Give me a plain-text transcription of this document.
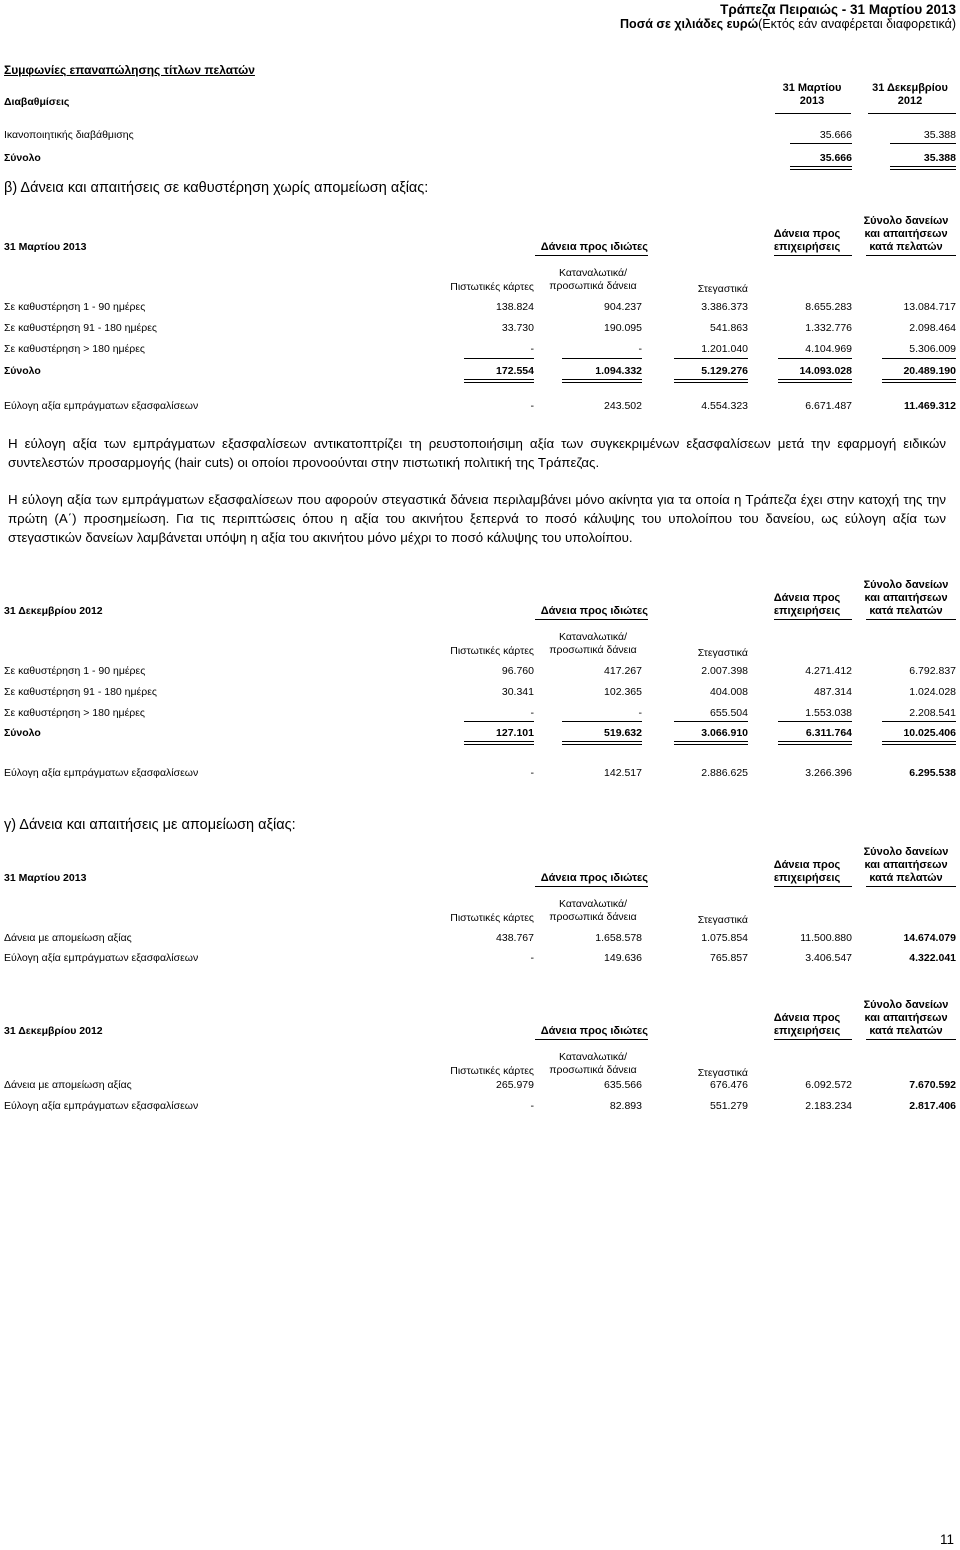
Τράπεζα Πειραιώς - 31 Μαρτίου 2013
Ποσά σε χιλιάδες ευρώ(Εκτός εάν αναφέρεται διαφορετικά)
Συμφωνίες επαναπώλησης τίτλων πελατών
Διαβαθμίσεις
31 Μαρτίου
2013
31 Δεκεμβρίου
2012
Ικανοποιητικής διαβάθμισης	35.666	35.388
Σύνολο	35.666	35.388
β) Δάνεια και απαιτήσεις σε καθυστέρηση χωρίς απομείωση αξίας:
31 Μαρτίου 2013	Δάνεια προς ιδιώτες
Δάνεια προς
επιχειρήσεις
Σύνολο δανείων
και απαιτήσεων
κατά πελατών
Πιστωτικές κάρτες
Καταναλωτικά/
προσωπικά δάνεια	Στεγαστικά
Σε καθυστέρηση 1 - 90 ημέρες	138.824	904.237	3.386.373	8.655.283	13.084.717
Σε καθυστέρηση 91 - 180 ημέρες	33.730	190.095	541.863	1.332.776	2.098.464
Σε καθυστέρηση > 180 ημέρες	-	-	1.201.040	4.104.969	5.306.009
Σύνολο	172.554	1.094.332	5.129.276	14.093.028	20.489.190
Εύλογη αξία εμπράγματων εξασφαλίσεων	-	243.502	4.554.323	6.671.487	11.469.312
31 Δεκεμβρίου 2012	Δάνεια προς ιδιώτες
Δάνεια προς
επιχειρήσεις
Σύνολο δανείων
και απαιτήσεων
κατά πελατών
Πιστωτικές κάρτες
Καταναλωτικά/
προσωπικά δάνεια	Στεγαστικά
Σε καθυστέρηση 1 - 90 ημέρες	96.760	417.267	2.007.398	4.271.412	6.792.837
Σε καθυστέρηση 91 - 180 ημέρες	30.341	102.365	404.008	487.314	1.024.028
Σε καθυστέρηση > 180 ημέρες	-	-	655.504	1.553.038	2.208.541
Σύνολο	127.101	519.632	3.066.910	6.311.764	10.025.406
Εύλογη αξία εμπράγματων εξασφαλίσεων	-	142.517	2.886.625	3.266.396	6.295.538
31 Μαρτίου 2013	Δάνεια προς ιδιώτες
Δάνεια προς
επιχειρήσεις
Σύνολο δανείων
και απαιτήσεων
κατά πελατών
Πιστωτικές κάρτες
Καταναλωτικά/
προσωπικά δάνεια	Στεγαστικά
Δάνεια με απομείωση αξίας	438.767	1.658.578	1.075.854	11.500.880	14.674.079
Εύλογη αξία εμπράγματων εξασφαλίσεων	-	149.636	765.857	3.406.547	4.322.041
31 Δεκεμβρίου 2012	Δάνεια προς ιδιώτες
Δάνεια προς
επιχειρήσεις
Σύνολο δανείων
και απαιτήσεων
κατά πελατών
Πιστωτικές κάρτες
Καταναλωτικά/
προσωπικά δάνεια	Στεγαστικά
Δάνεια με απομείωση αξίας	265.979	635.566	676.476	6.092.572	7.670.592
Εύλογη αξία εμπράγματων εξασφαλίσεων	-	82.893	551.279	2.183.234	2.817.406
Η εύλογη αξία των εμπράγματων εξασφαλίσεων αντικατοπτρίζει τη ρευστοποιήσιμη αξία των συγκεκριμένων εξασφαλίσεων μετά την εφαρμογή ειδικών συντελεστών προσαρμογής (hair cuts) οι οποίοι προνοούνται στην πιστωτική πολιτική της Τράπεζας.
Η εύλογη αξία των εμπράγματων εξασφαλίσεων που αφορούν στεγαστικά δάνεια περιλαμβάνει μόνο ακίνητα για τα οποία η Τράπεζα έχει στην κατοχή της την πρώτη (Α΄) προσημείωση. Για τις περιπτώσεις όπου η αξία του ακινήτου ξεπερνά το ποσό κάλυψης του υπολοίπου του δανείου, ως εύλογη αξία των στεγαστικών δανείων λαμβάνεται υπόψη η αξία του ακινήτου μόνο μέχρι το ποσό κάλυψης του υπολοίπου.
γ) Δάνεια και απαιτήσεις με απομείωση αξίας:
11
